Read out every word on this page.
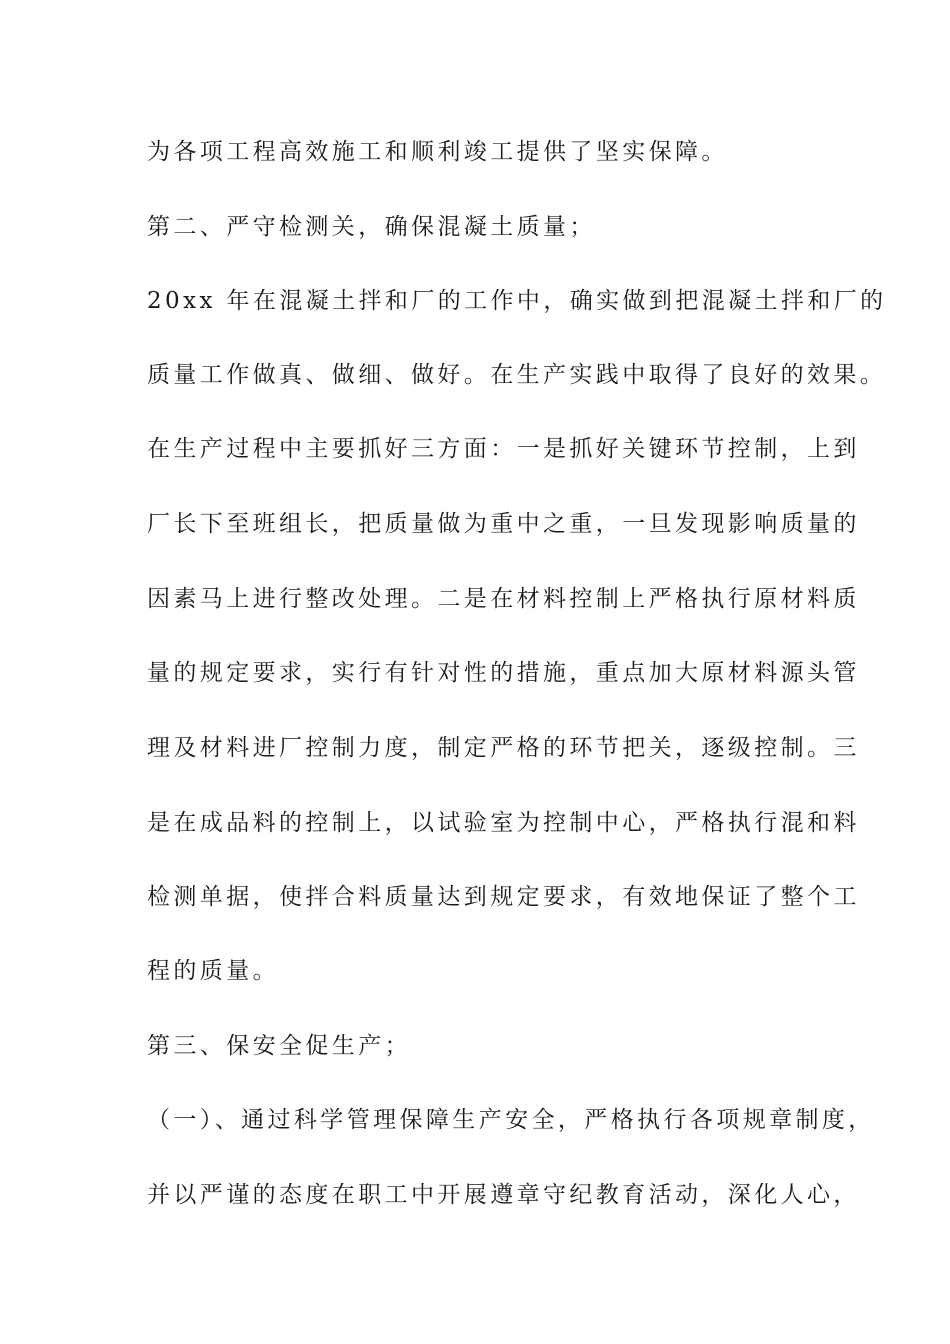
为各项工程高效施工和顺利竣工提供了坚实保障。
第二、严守检测关，确保混凝土质量；
20xx 年在混凝土拌和厂的工作中，确实做到把混凝土拌和厂的
质量工作做真、做细、做好。在生产实践中取得了良好的效果。
在生产过程中主要抓好三方面：一是抓好关键环节控制，上到
厂长下至班组长，把质量做为重中之重，一旦发现影响质量的
因素马上进行整改处理。二是在材料控制上严格执行原材料质
量的规定要求，实行有针对性的措施，重点加大原材料源头管
理及材料进厂控制力度，制定严格的环节把关，逐级控制。三
是在成品料的控制上，以试验室为控制中心，严格执行混和料
检测单据，使拌合料质量达到规定要求，有效地保证了整个工
程的质量。
第三、保安全促生产；
（一）、通过科学管理保障生产安全，严格执行各项规章制度，
并以严谨的态度在职工中开展遵章守纪教育活动，深化人心，
